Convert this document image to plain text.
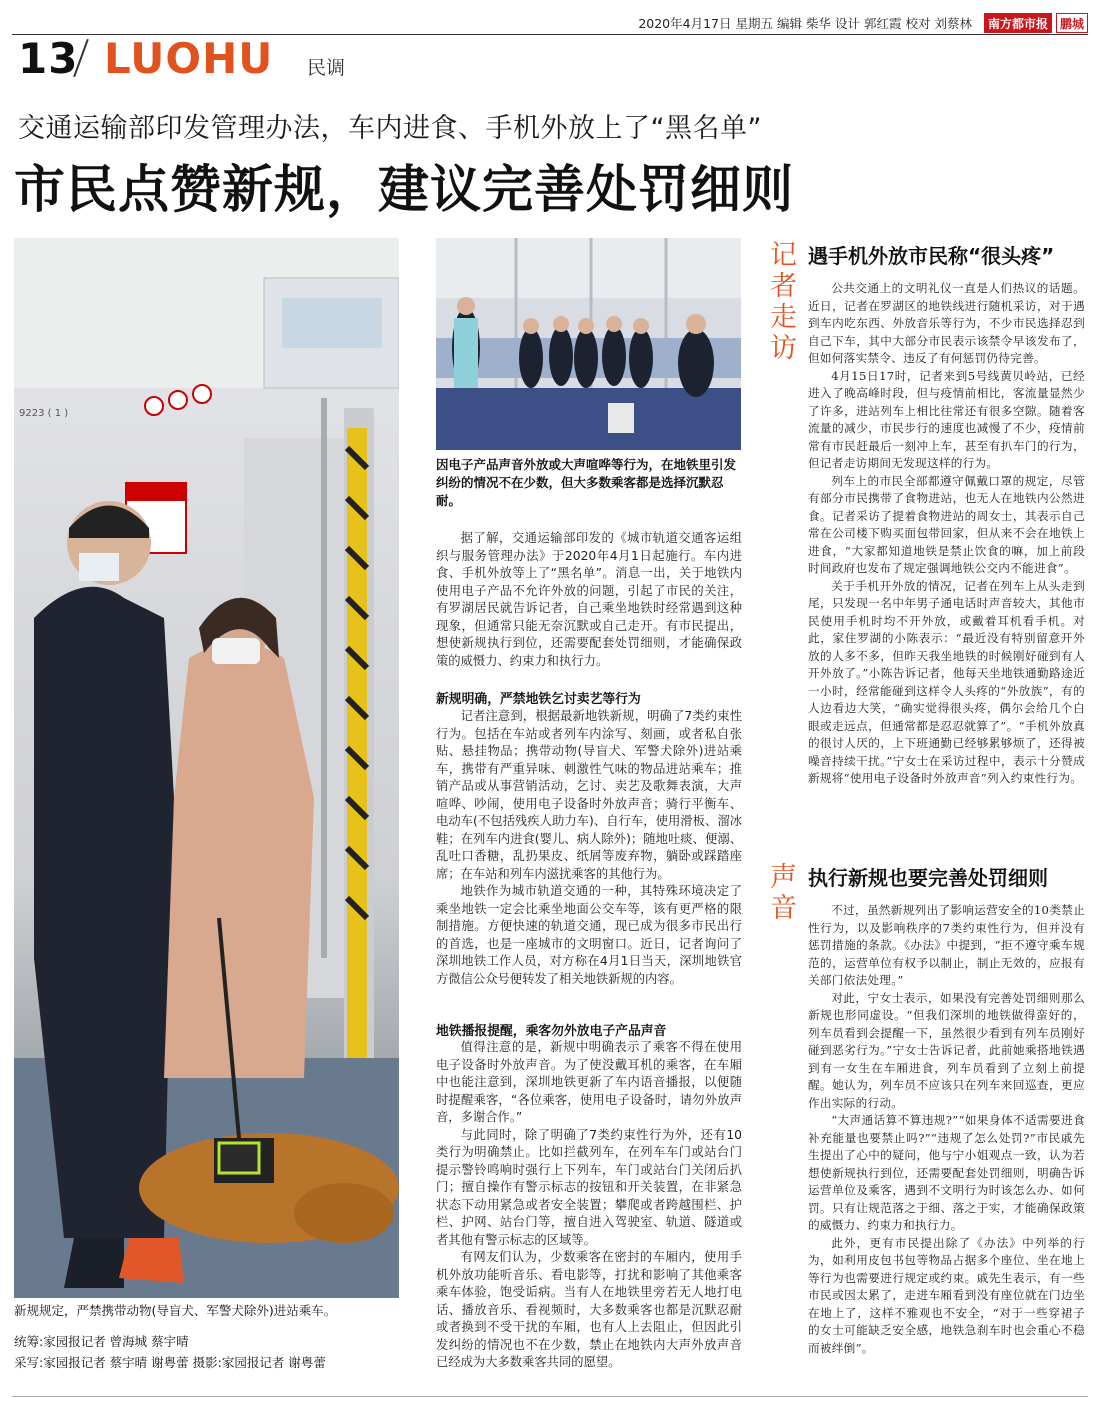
2020年4月17日 星期五 编辑 柴华 设计 郭红霞 校对 刘蔡林	南方都市报	鹏城
13 LUOHU 民调
交通运输部印发管理办法，车内进食、手机外放上了“黑名单”
市民点赞新规，建议完善处罚细则
9223 ( 1 )
新规规定，严禁携带动物(导盲犬、军警犬除外)进站乘车。
因电子产品声音外放或大声喧哗等行为，在地铁里引发纠纷的情况不在少数，但大多数乘客都是选择沉默忍耐。
统筹:家园报记者 曾海城 蔡宇晴
采写:家园报记者 蔡宇晴 谢粤蕾 摄影:家园报记者 谢粤蕾

据了解，交通运输部印发的《城市轨道交通客运组织与服务管理办法》于2020年4月1日起施行。车内进食、手机外放等上了“黑名单”。消息一出，关于地铁内使用电子产品不允许外放的问题，引起了市民的关注，有罗湖居民就告诉记者，自己乘坐地铁时经常遇到这种现象，但通常只能无奈沉默或自己走开。有市民提出，想使新规执行到位，还需要配套处罚细则，才能确保政策的威慑力、约束力和执行力。

新规明确，严禁地铁乞讨卖艺等行为

记者注意到，根据最新地铁新规，明确了7类约束性行为。包括在车站或者列车内涂写、刻画，或者私自张贴、悬挂物品；携带动物(导盲犬、军警犬除外)进站乘车，携带有严重异味、刺激性气味的物品进站乘车；推销产品或从事营销活动，乞讨、卖艺及歌舞表演，大声喧哗、吵闹，使用电子设备时外放声音；骑行平衡车、电动车(不包括残疾人助力车)、自行车，使用滑板、溜冰鞋；在列车内进食(婴儿、病人除外)；随地吐痰、便溺、乱吐口香糖，乱扔果皮、纸屑等废弃物，躺卧或踩踏座席；在车站和列车内滋扰乘客的其他行为。

地铁作为城市轨道交通的一种，其特殊环境决定了乘坐地铁一定会比乘坐地面公交车等，该有更严格的限制措施。方便快速的轨道交通，现已成为很多市民出行的首选，也是一座城市的文明窗口。近日，记者询问了深圳地铁工作人员，对方称在4月1日当天，深圳地铁官方微信公众号便转发了相关地铁新规的内容。

地铁播报提醒，乘客勿外放电子产品声音

值得注意的是，新规中明确表示了乘客不得在使用电子设备时外放声音。为了使没戴耳机的乘客，在车厢中也能注意到，深圳地铁更新了车内语音播报，以便随时提醒乘客，“各位乘客，使用电子设备时，请勿外放声音，多谢合作。”

与此同时，除了明确了7类约束性行为外，还有10类行为明确禁止。比如拦截列车，在列车车门或站台门提示警铃鸣响时强行上下列车，车门或站台门关闭后扒门；擅自操作有警示标志的按钮和开关装置，在非紧急状态下动用紧急或者安全装置；攀爬或者跨越围栏、护栏、护网、站台门等，擅自进入驾驶室、轨道、隧道或者其他有警示标志的区域等。

有网友们认为，少数乘客在密封的车厢内，使用手机外放功能听音乐、看电影等，打扰和影响了其他乘客乘车体验，饱受诟病。当有人在地铁里旁若无人地打电话、播放音乐、看视频时，大多数乘客也都是沉默忍耐或者换到不受干扰的车厢，也有人上去阻止，但因此引发纠纷的情况也不在少数，禁止在地铁内大声外放声音已经成为大多数乘客共同的愿望。

记者走访
遇手机外放市民称“很头疼”

公共交通上的文明礼仪一直是人们热议的话题。近日，记者在罗湖区的地铁线进行随机采访，对于遇到车内吃东西、外放音乐等行为，不少市民选择忍到自己下车，其中大部分市民表示该禁令早该发布了，但如何落实禁令、违反了有何惩罚仍待完善。

4月15日17时，记者来到5号线黄贝岭站，已经进入了晚高峰时段，但与疫情前相比，客流量显然少了许多，进站列车上相比往常还有很多空隙。随着客流量的减少，市民步行的速度也减慢了不少，疫情前常有市民赶最后一刻冲上车，甚至有扒车门的行为，但记者走访期间无发现这样的行为。

列车上的市民全部都遵守佩戴口罩的规定，尽管有部分市民携带了食物进站，也无人在地铁内公然进食。记者采访了提着食物进站的周女士，其表示自己常在公司楼下购买面包带回家，但从来不会在地铁上进食，“大家都知道地铁是禁止饮食的嘛，加上前段时间政府也发布了规定强调地铁公交内不能进食”。

关于手机开外放的情况，记者在列车上从头走到尾，只发现一名中年男子通电话时声音较大，其他市民使用手机时均不开外放，或戴着耳机看手机。对此，家住罗湖的小陈表示：“最近没有特别留意开外放的人多不多，但昨天我坐地铁的时候刚好碰到有人开外放了。”小陈告诉记者，他每天坐地铁通勤路途近一小时，经常能碰到这样令人头疼的“外放族”，有的人边看边大笑，“确实觉得很头疼，偶尔会给几个白眼或走远点，但通常都是忍忍就算了”。“手机外放真的很讨人厌的，上下班通勤已经够累够烦了，还得被噪音持续干扰。”宁女士在采访过程中，表示十分赞成新规将“使用电子设备时外放声音”列入约束性行为。

声音
执行新规也要完善处罚细则

不过，虽然新规列出了影响运营安全的10类禁止性行为，以及影响秩序的7类约束性行为，但并没有惩罚措施的条款。《办法》中提到，“拒不遵守乘车规范的，运营单位有权予以制止，制止无效的，应报有关部门依法处理。”

对此，宁女士表示，如果没有完善处罚细则那么新规也形同虚设。“但我们深圳的地铁做得蛮好的，列车员看到会提醒一下，虽然很少看到有列车员刚好碰到恶劣行为。”宁女士告诉记者，此前她乘搭地铁遇到有一女生在车厢进食，列车员看到了立刻上前提醒。她认为，列车员不应该只在列车来回巡查，更应作出实际的行动。

“大声通话算不算违规?”“如果身体不适需要进食补充能量也要禁止吗?”“违规了怎么处罚?”市民戚先生提出了心中的疑问，他与宁小姐观点一致，认为若想使新规执行到位，还需要配套处罚细则，明确告诉运营单位及乘客，遇到不文明行为时该怎么办、如何罚。只有让规范落之于细、落之于实，才能确保政策的威慑力、约束力和执行力。

此外，更有市民提出除了《办法》中列举的行为，如利用皮包书包等物品占据多个座位、坐在地上等行为也需要进行规定或约束。戚先生表示，有一些市民或因太累了，走进车厢看到没有座位就在门边坐在地上了，这样不雅观也不安全，“对于一些穿裙子的女士可能缺乏安全感，地铁急刹车时也会重心不稳而被绊倒”。
